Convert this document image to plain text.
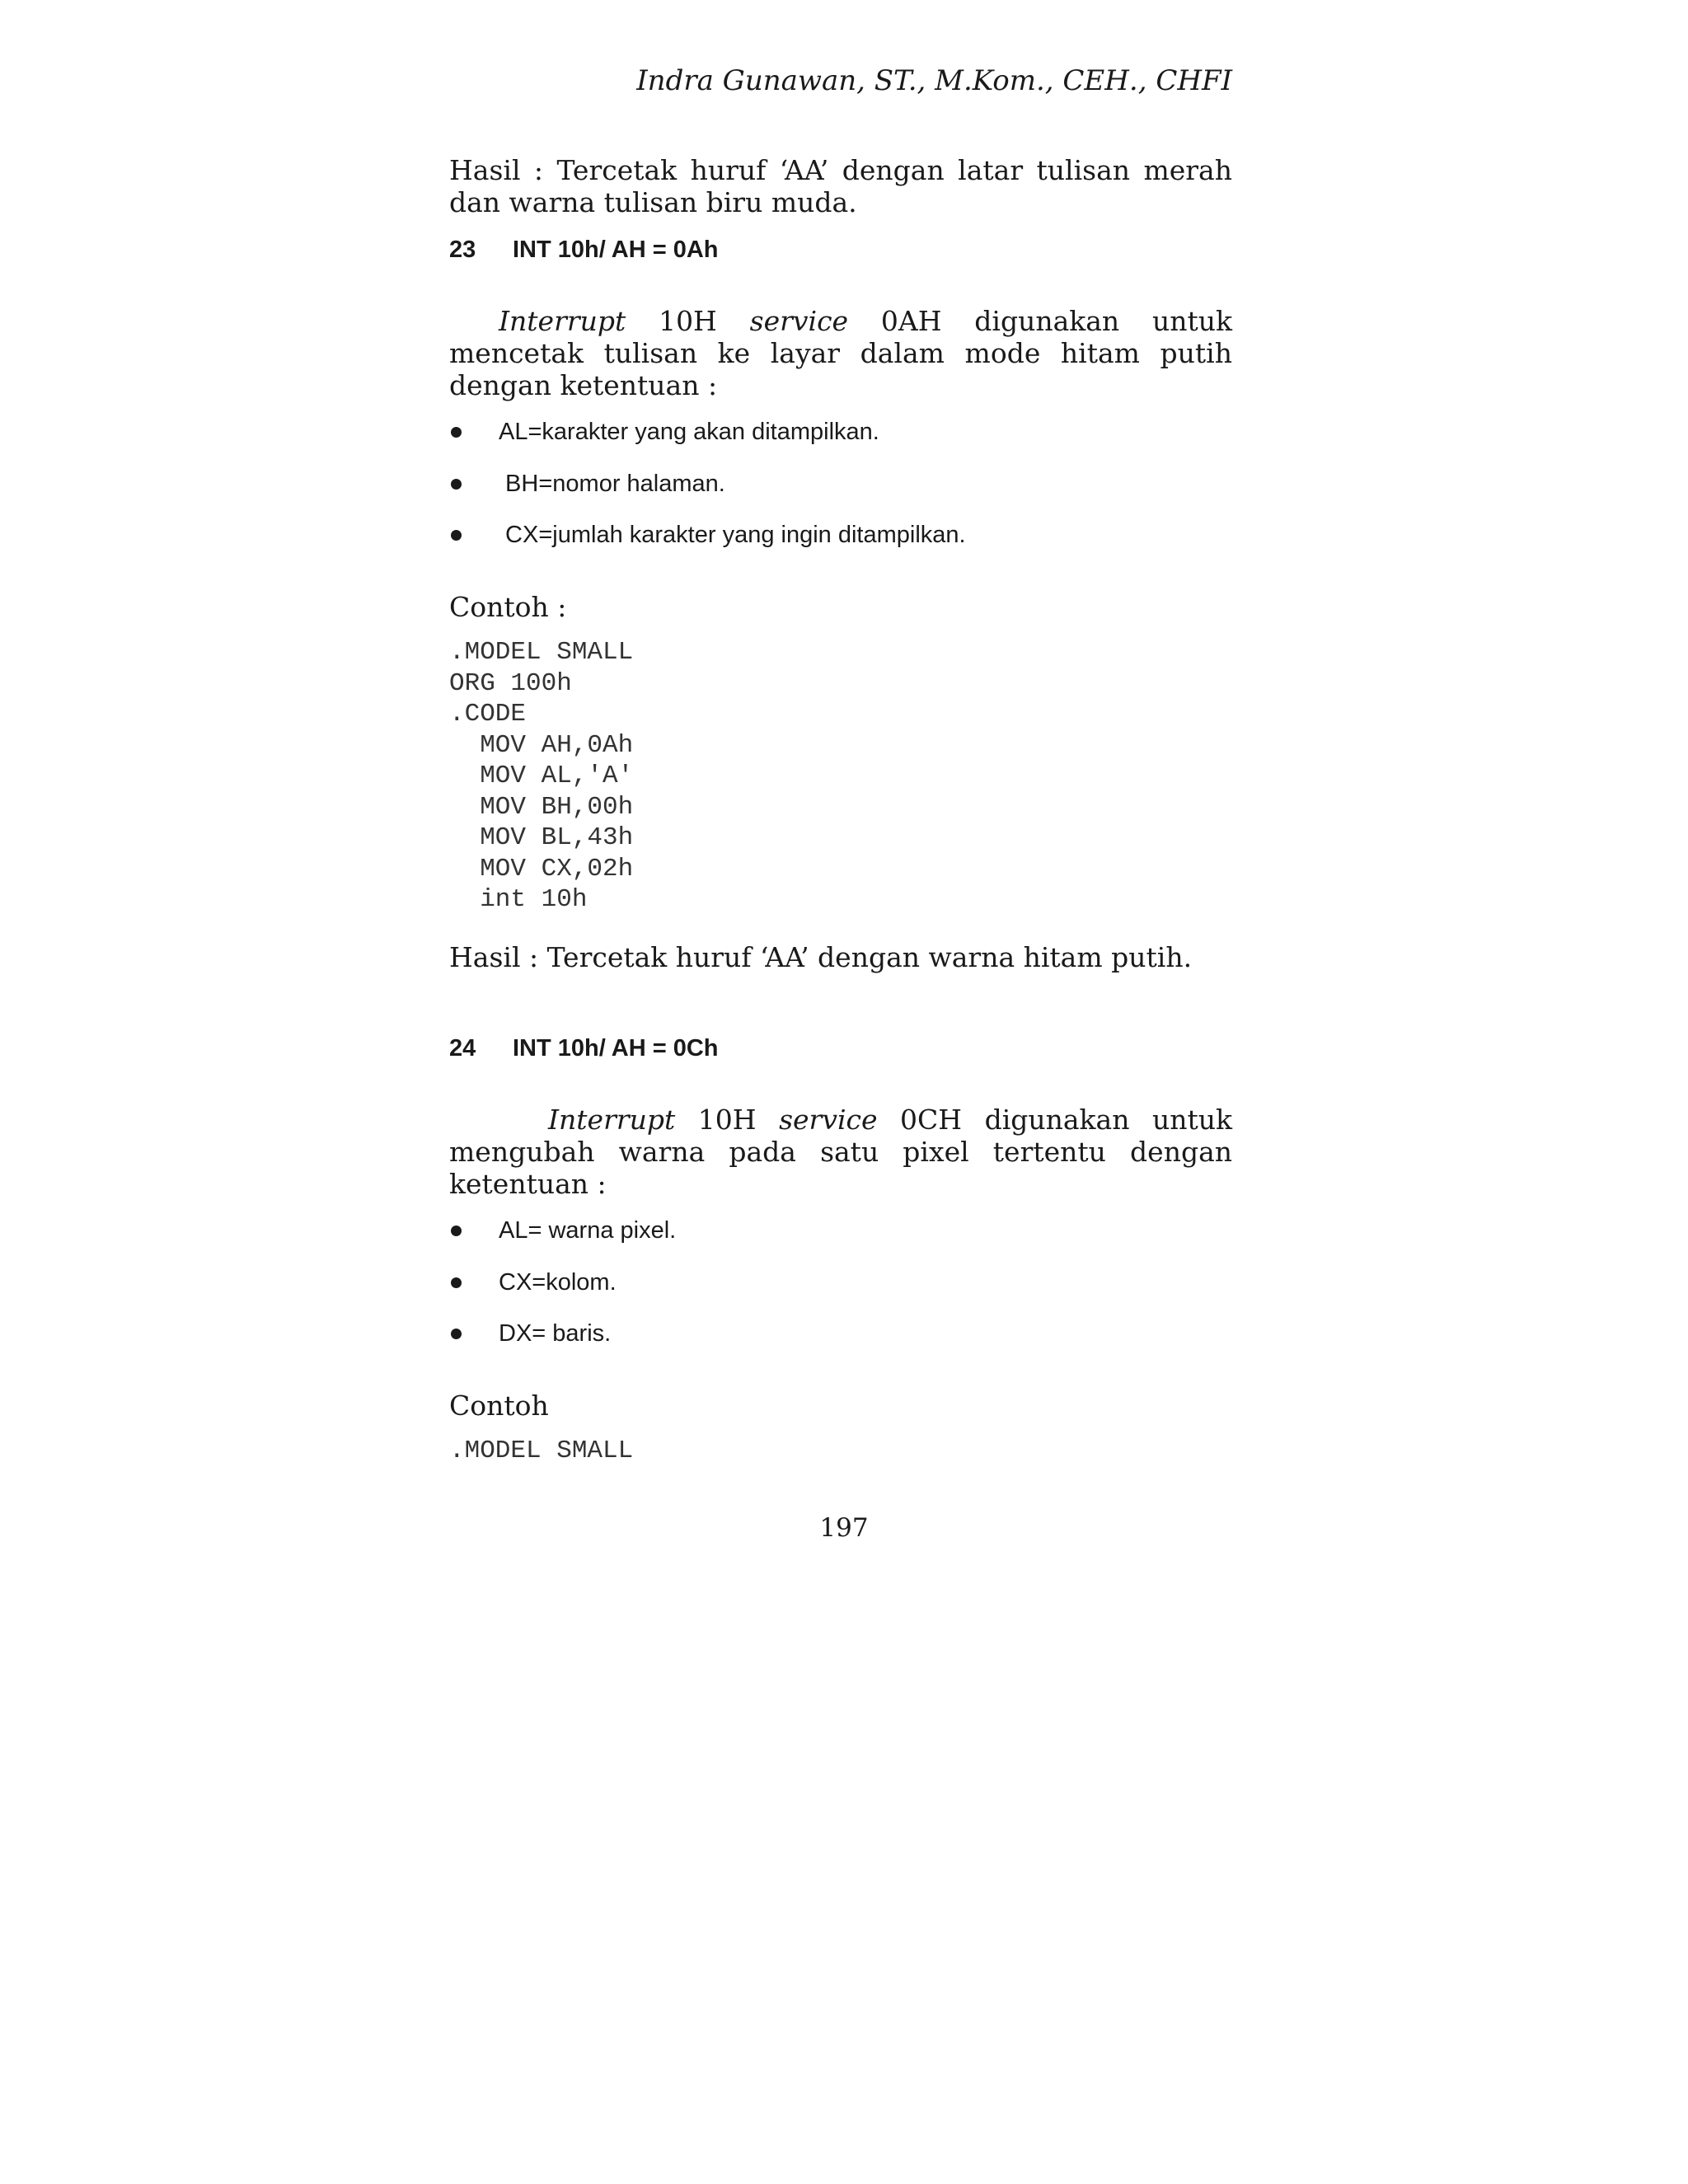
Indra Gunawan, ST., M.Kom., CEH., CHFI
Hasil : Tercetak huruf ‘AA’ dengan latar tulisan merah
dan warna tulisan biru muda.
23 INT 10h/ AH = 0Ah
Interrupt 10H service 0AH digunakan untuk
mencetak tulisan ke layar dalam mode hitam putih
dengan ketentuan :
AL=karakter yang akan ditampilkan.
BH=nomor halaman.
CX=jumlah karakter yang ingin ditampilkan.
Contoh :
.MODEL SMALL
ORG 100h
.CODE
MOV AH,0Ah
MOV AL,'A'
MOV BH,00h
MOV BL,43h
MOV CX,02h
int 10h
Hasil : Tercetak huruf ‘AA’ dengan warna hitam putih.
24 INT 10h/ AH = 0Ch
Interrupt 10H service 0CH digunakan untuk
mengubah warna pada satu pixel tertentu dengan
ketentuan :
AL= warna pixel.
CX=kolom.
DX= baris.
Contoh
.MODEL SMALL
197
